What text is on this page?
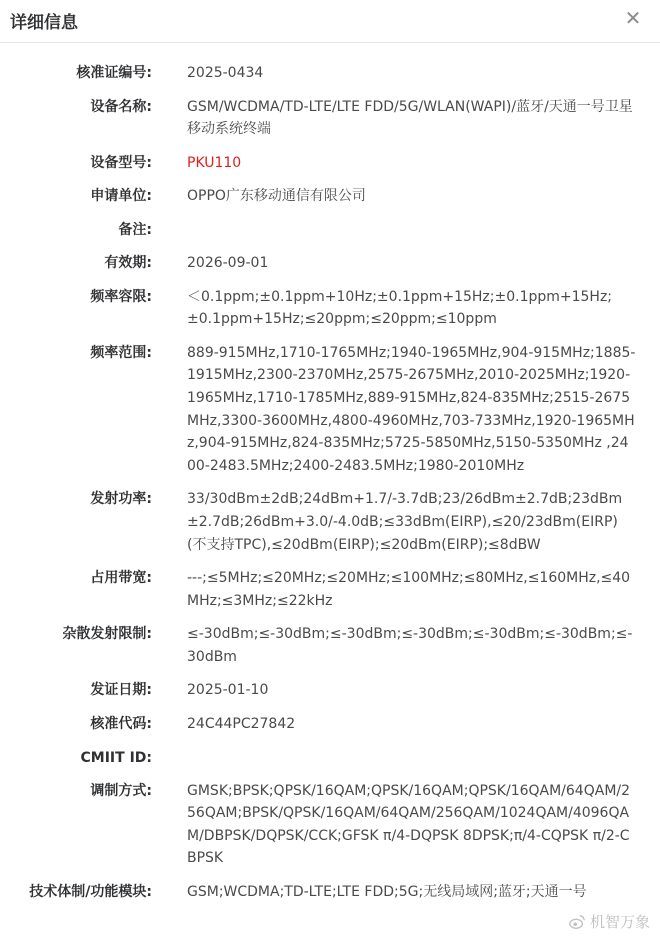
详细信息	✕
核准证编号:	2025-0434
设备名称:	GSM/WCDMA/TD-LTE/LTE FDD/5G/WLAN(WAPI)/蓝牙/天通一号卫星移动系统终端
设备型号:	PKU110
申请单位:	OPPO广东移动通信有限公司
备注:
有效期:	2026-09-01
频率容限:	＜0.1ppm;±0.1ppm+10Hz;±0.1ppm+15Hz;±0.1ppm+15Hz;±0.1ppm+15Hz;≤20ppm;≤20ppm;≤10ppm
频率范围:	889-915MHz,1710-1765MHz;1940-1965MHz,904-915MHz;1885-1915MHz,2300-2370MHz,2575-2675MHz,2010-2025MHz;1920-1965MHz,1710-1785MHz,889-915MHz,824-835MHz;2515-2675MHz,3300-3600MHz,4800-4960MHz,703-733MHz,1920-1965MHz,904-915MHz,824-835MHz;5725-5850MHz,5150-5350MHz ,2400-2483.5MHz;2400-2483.5MHz;1980-2010MHz
发射功率:	33/30dBm±2dB;24dBm+1.7/-3.7dB;23/26dBm±2.7dB;23dBm±2.7dB;26dBm+3.0/-4.0dB;≤33dBm(EIRP),≤20/23dBm(EIRP)(不支持TPC),≤20dBm(EIRP);≤20dBm(EIRP);≤8dBW
占用带宽:	---;≤5MHz;≤20MHz;≤20MHz;≤100MHz;≤80MHz,≤160MHz,≤40MHz;≤3MHz;≤22kHz
杂散发射限制:	≤-30dBm;≤-30dBm;≤-30dBm;≤-30dBm;≤-30dBm;≤-30dBm;≤-30dBm
发证日期:	2025-01-10
核准代码:	24C44PC27842
CMIIT ID:
调制方式:	GMSK;BPSK;QPSK/16QAM;QPSK/16QAM;QPSK/16QAM/64QAM/256QAM;BPSK/QPSK/16QAM/64QAM/256QAM/1024QAM/4096QAM/DBPSK/DQPSK/CCK;GFSK π/4-DQPSK 8DPSK;π/4-CQPSK π/2-CBPSK
技术体制/功能模块:	GSM;WCDMA;TD-LTE;LTE FDD;5G;无线局域网;蓝牙;天通一号
机智万象
